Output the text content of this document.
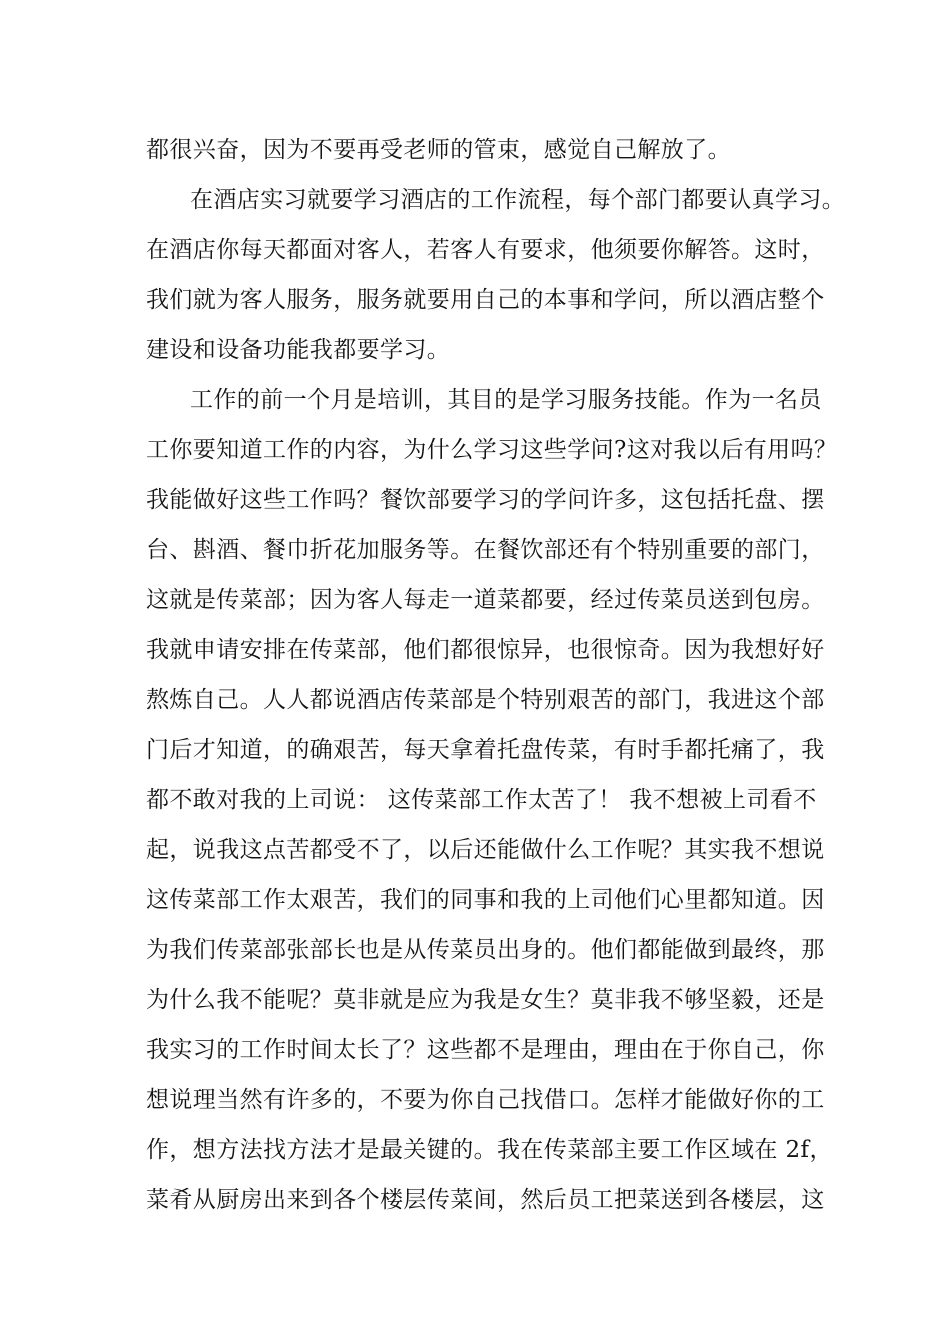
都很兴奋，因为不要再受老师的管束，感觉自己解放了。
在酒店实习就要学习酒店的工作流程，每个部门都要认真学习。
在酒店你每天都面对客人，若客人有要求，他须要你解答。这时，
我们就为客人服务，服务就要用自己的本事和学问，所以酒店整个
建设和设备功能我都要学习。
工作的前一个月是培训，其目的是学习服务技能。作为一名员
工你要知道工作的内容，为什么学习这些学问?这对我以后有用吗？
我能做好这些工作吗？餐饮部要学习的学问许多，这包括托盘、摆
台、斟酒、餐巾折花加服务等。在餐饮部还有个特别重要的部门，
这就是传菜部；因为客人每走一道菜都要，经过传菜员送到包房。
我就申请安排在传菜部，他们都很惊异，也很惊奇。因为我想好好
熬炼自己。人人都说酒店传菜部是个特别艰苦的部门，我进这个部
门后才知道，的确艰苦，每天拿着托盘传菜，有时手都托痛了，我
都不敢对我的上司说： 这传菜部工作太苦了！ 我不想被上司看不
起，说我这点苦都受不了，以后还能做什么工作呢？其实我不想说
这传菜部工作太艰苦，我们的同事和我的上司他们心里都知道。因
为我们传菜部张部长也是从传菜员出身的。他们都能做到最终，那
为什么我不能呢？莫非就是应为我是女生？莫非我不够坚毅，还是
我实习的工作时间太长了？这些都不是理由，理由在于你自己，你
想说理当然有许多的，不要为你自己找借口。怎样才能做好你的工
作，想方法找方法才是最关键的。我在传菜部主要工作区域在 2f，
菜肴从厨房出来到各个楼层传菜间，然后员工把菜送到各楼层，这
